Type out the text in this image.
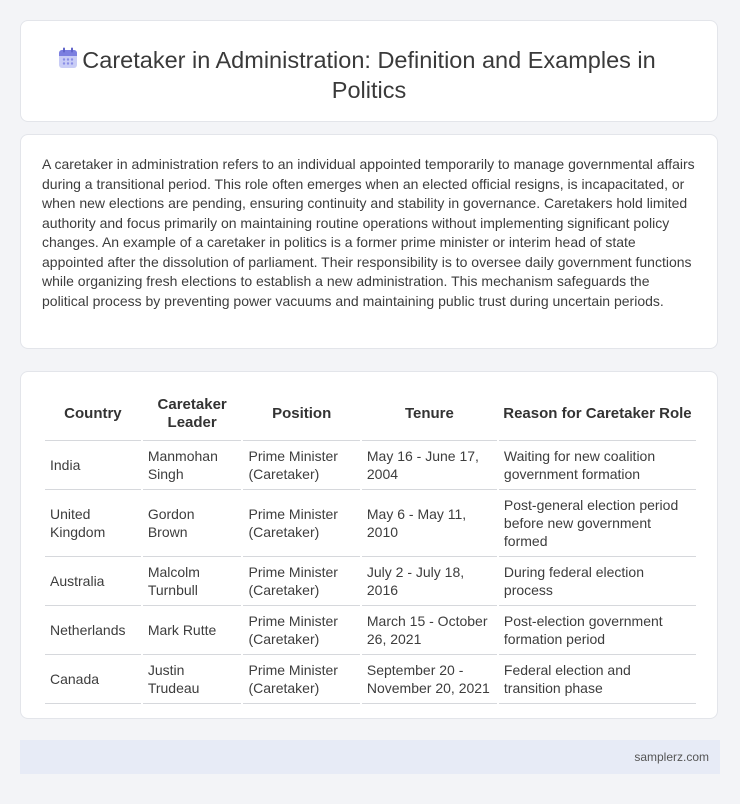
Caretaker in Administration: Definition and Examples in
Politics

A caretaker in administration refers to an individual appointed temporarily to manage governmental affairs during a transitional period. This role often emerges when an elected official resigns, is incapacitated, or when new elections are pending, ensuring continuity and stability in governance. Caretakers hold limited authority and focus primarily on maintaining routine operations without implementing significant policy changes. An example of a caretaker in politics is a former prime minister or interim head of state appointed after the dissolution of parliament. Their responsibility is to oversee daily government functions while organizing fresh elections to establish a new administration. This mechanism safeguards the political process by preventing power vacuums and maintaining public trust during uncertain periods.

Country	Caretaker Leader	Position	Tenure	Reason for Caretaker Role
India	Manmohan Singh	Prime Minister (Caretaker)	May 16 - June 17, 2004	Waiting for new coalition government formation
United Kingdom	Gordon Brown	Prime Minister (Caretaker)	May 6 - May 11, 2010	Post-general election period before new government formed
Australia	Malcolm Turnbull	Prime Minister (Caretaker)	July 2 - July 18, 2016	During federal election process
Netherlands	Mark Rutte	Prime Minister (Caretaker)	March 15 - October 26, 2021	Post-election government formation period
Canada	Justin Trudeau	Prime Minister (Caretaker)	September 20 - November 20, 2021	Federal election and transition phase
samplerz.com
